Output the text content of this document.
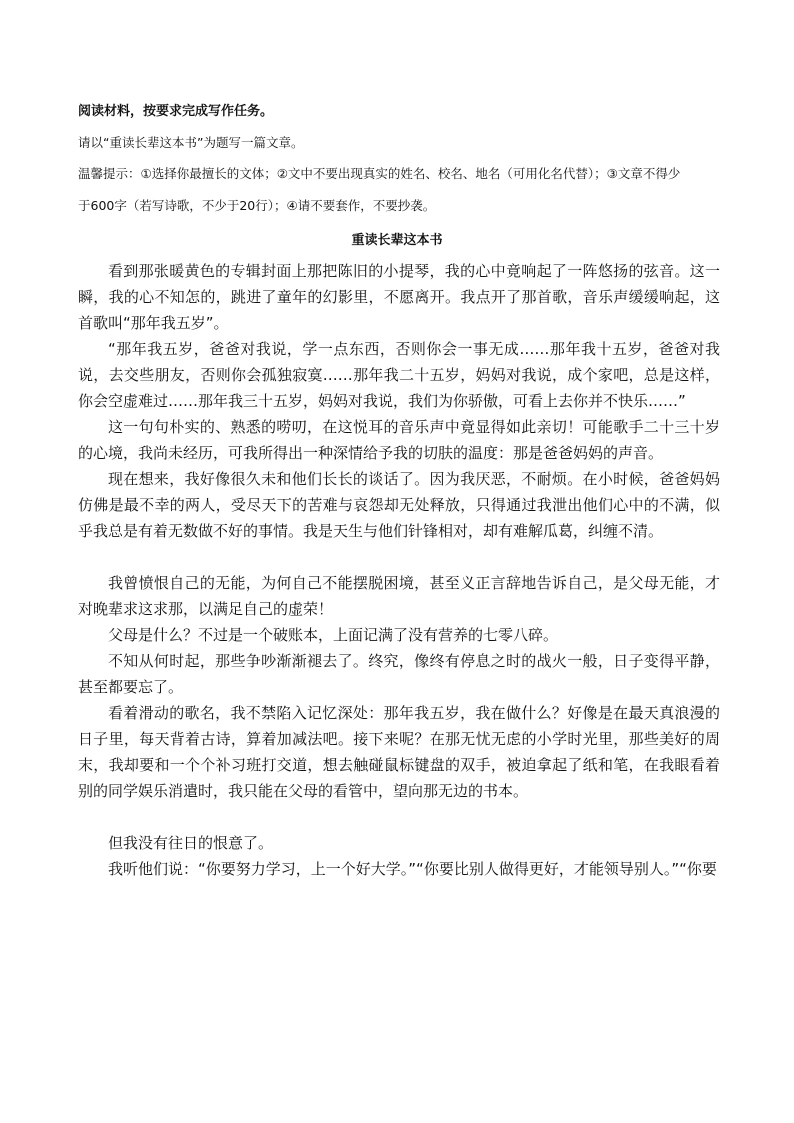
阅读材料，按要求完成写作任务。
请以“重读长辈这本书”为题写一篇文章。
温馨提示：①选择你最擅长的文体；②文中不要出现真实的姓名、校名、地名（可用化名代替）；③文章不得少
于600字（若写诗歌，不少于20行）；④请不要套作，不要抄袭。
重读长辈这本书

看到那张暖黄色的专辑封面上那把陈旧的小提琴，我的心中竟响起了一阵悠扬的弦音。这一瞬，我的心不知怎的，跳进了童年的幻影里，不愿离开。我点开了那首歌，音乐声缓缓响起，这首歌叫“那年我五岁”。

“那年我五岁，爸爸对我说，学一点东西，否则你会一事无成……那年我十五岁，爸爸对我说，去交些朋友，否则你会孤独寂寞……那年我二十五岁，妈妈对我说，成个家吧，总是这样，你会空虚难过……那年我三十五岁，妈妈对我说，我们为你骄傲，可看上去你并不快乐……”

这一句句朴实的、熟悉的唠叨，在这悦耳的音乐声中竟显得如此亲切！可能歌手二十三十岁的心境，我尚未经历，可我所得出一种深情给予我的切肤的温度：那是爸爸妈妈的声音。

现在想来，我好像很久未和他们长长的谈话了。因为我厌恶，不耐烦。在小时候，爸爸妈妈仿佛是最不幸的两人，受尽天下的苦难与哀怨却无处释放，只得通过我泄出他们心中的不满，似乎我总是有着无数做不好的事情。我是天生与他们针锋相对，却有难解瓜葛，纠缠不清。

我曾愤恨自己的无能，为何自己不能摆脱困境，甚至义正言辞地告诉自己，是父母无能，才对晚辈求这求那，以满足自己的虚荣！

父母是什么？不过是一个破账本，上面记满了没有营养的七零八碎。

不知从何时起，那些争吵渐渐褪去了。终究，像终有停息之时的战火一般，日子变得平静，甚至都要忘了。

看着滑动的歌名，我不禁陷入记忆深处：那年我五岁，我在做什么？好像是在最天真浪漫的日子里，每天背着古诗，算着加减法吧。接下来呢？在那无忧无虑的小学时光里，那些美好的周末，我却要和一个个补习班打交道，想去触碰鼠标键盘的双手，被迫拿起了纸和笔，在我眼看着别的同学娱乐消遣时，我只能在父母的看管中，望向那无边的书本。

但我没有往日的恨意了。

我听他们说：“你要努力学习，上一个好大学。”“你要比别人做得更好，才能领导别人。”“你要
